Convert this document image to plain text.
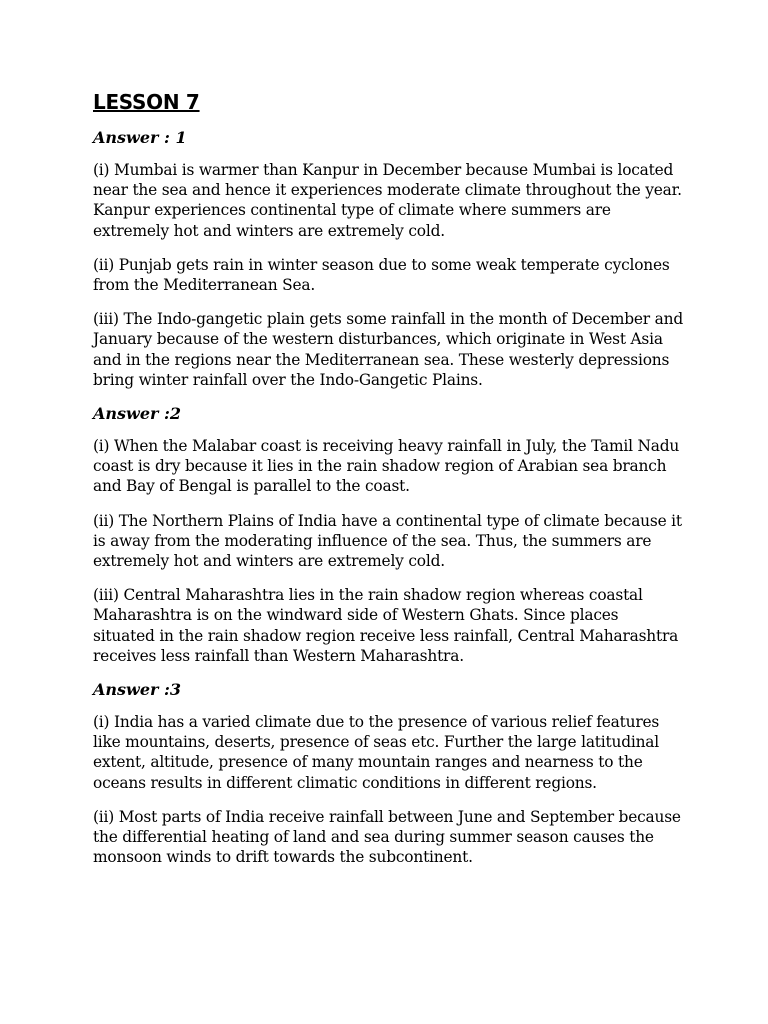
LESSON 7
Answer : 1

(i) Mumbai is warmer than Kanpur in December because Mumbai is located near the sea and hence it experiences moderate climate throughout the year. Kanpur experiences continental type of climate where summers are extremely hot and winters are extremely cold.

(ii) Punjab gets rain in winter season due to some weak temperate cyclones from the Mediterranean Sea.

(iii) The Indo-gangetic plain gets some rainfall in the month of December and January because of the western disturbances, which originate in West Asia and in the regions near the Mediterranean sea. These westerly depressions bring winter rainfall over the Indo-Gangetic Plains.

Answer :2

(i) When the Malabar coast is receiving heavy rainfall in July, the Tamil Nadu coast is dry because it lies in the rain shadow region of Arabian sea branch and Bay of Bengal is parallel to the coast.

(ii) The Northern Plains of India have a continental type of climate because it is away from the moderating influence of the sea. Thus, the summers are extremely hot and winters are extremely cold.

(iii) Central Maharashtra lies in the rain shadow region whereas coastal Maharashtra is on the windward side of Western Ghats. Since places situated in the rain shadow region receive less rainfall, Central Maharashtra receives less rainfall than Western Maharashtra.

Answer :3

(i) India has a varied climate due to the presence of various relief features like mountains, deserts, presence of seas etc. Further the large latitudinal extent, altitude, presence of many mountain ranges and nearness to the oceans results in different climatic conditions in different regions.

(ii) Most parts of India receive rainfall between June and September because the differential heating of land and sea during summer season causes the monsoon winds to drift towards the subcontinent.
